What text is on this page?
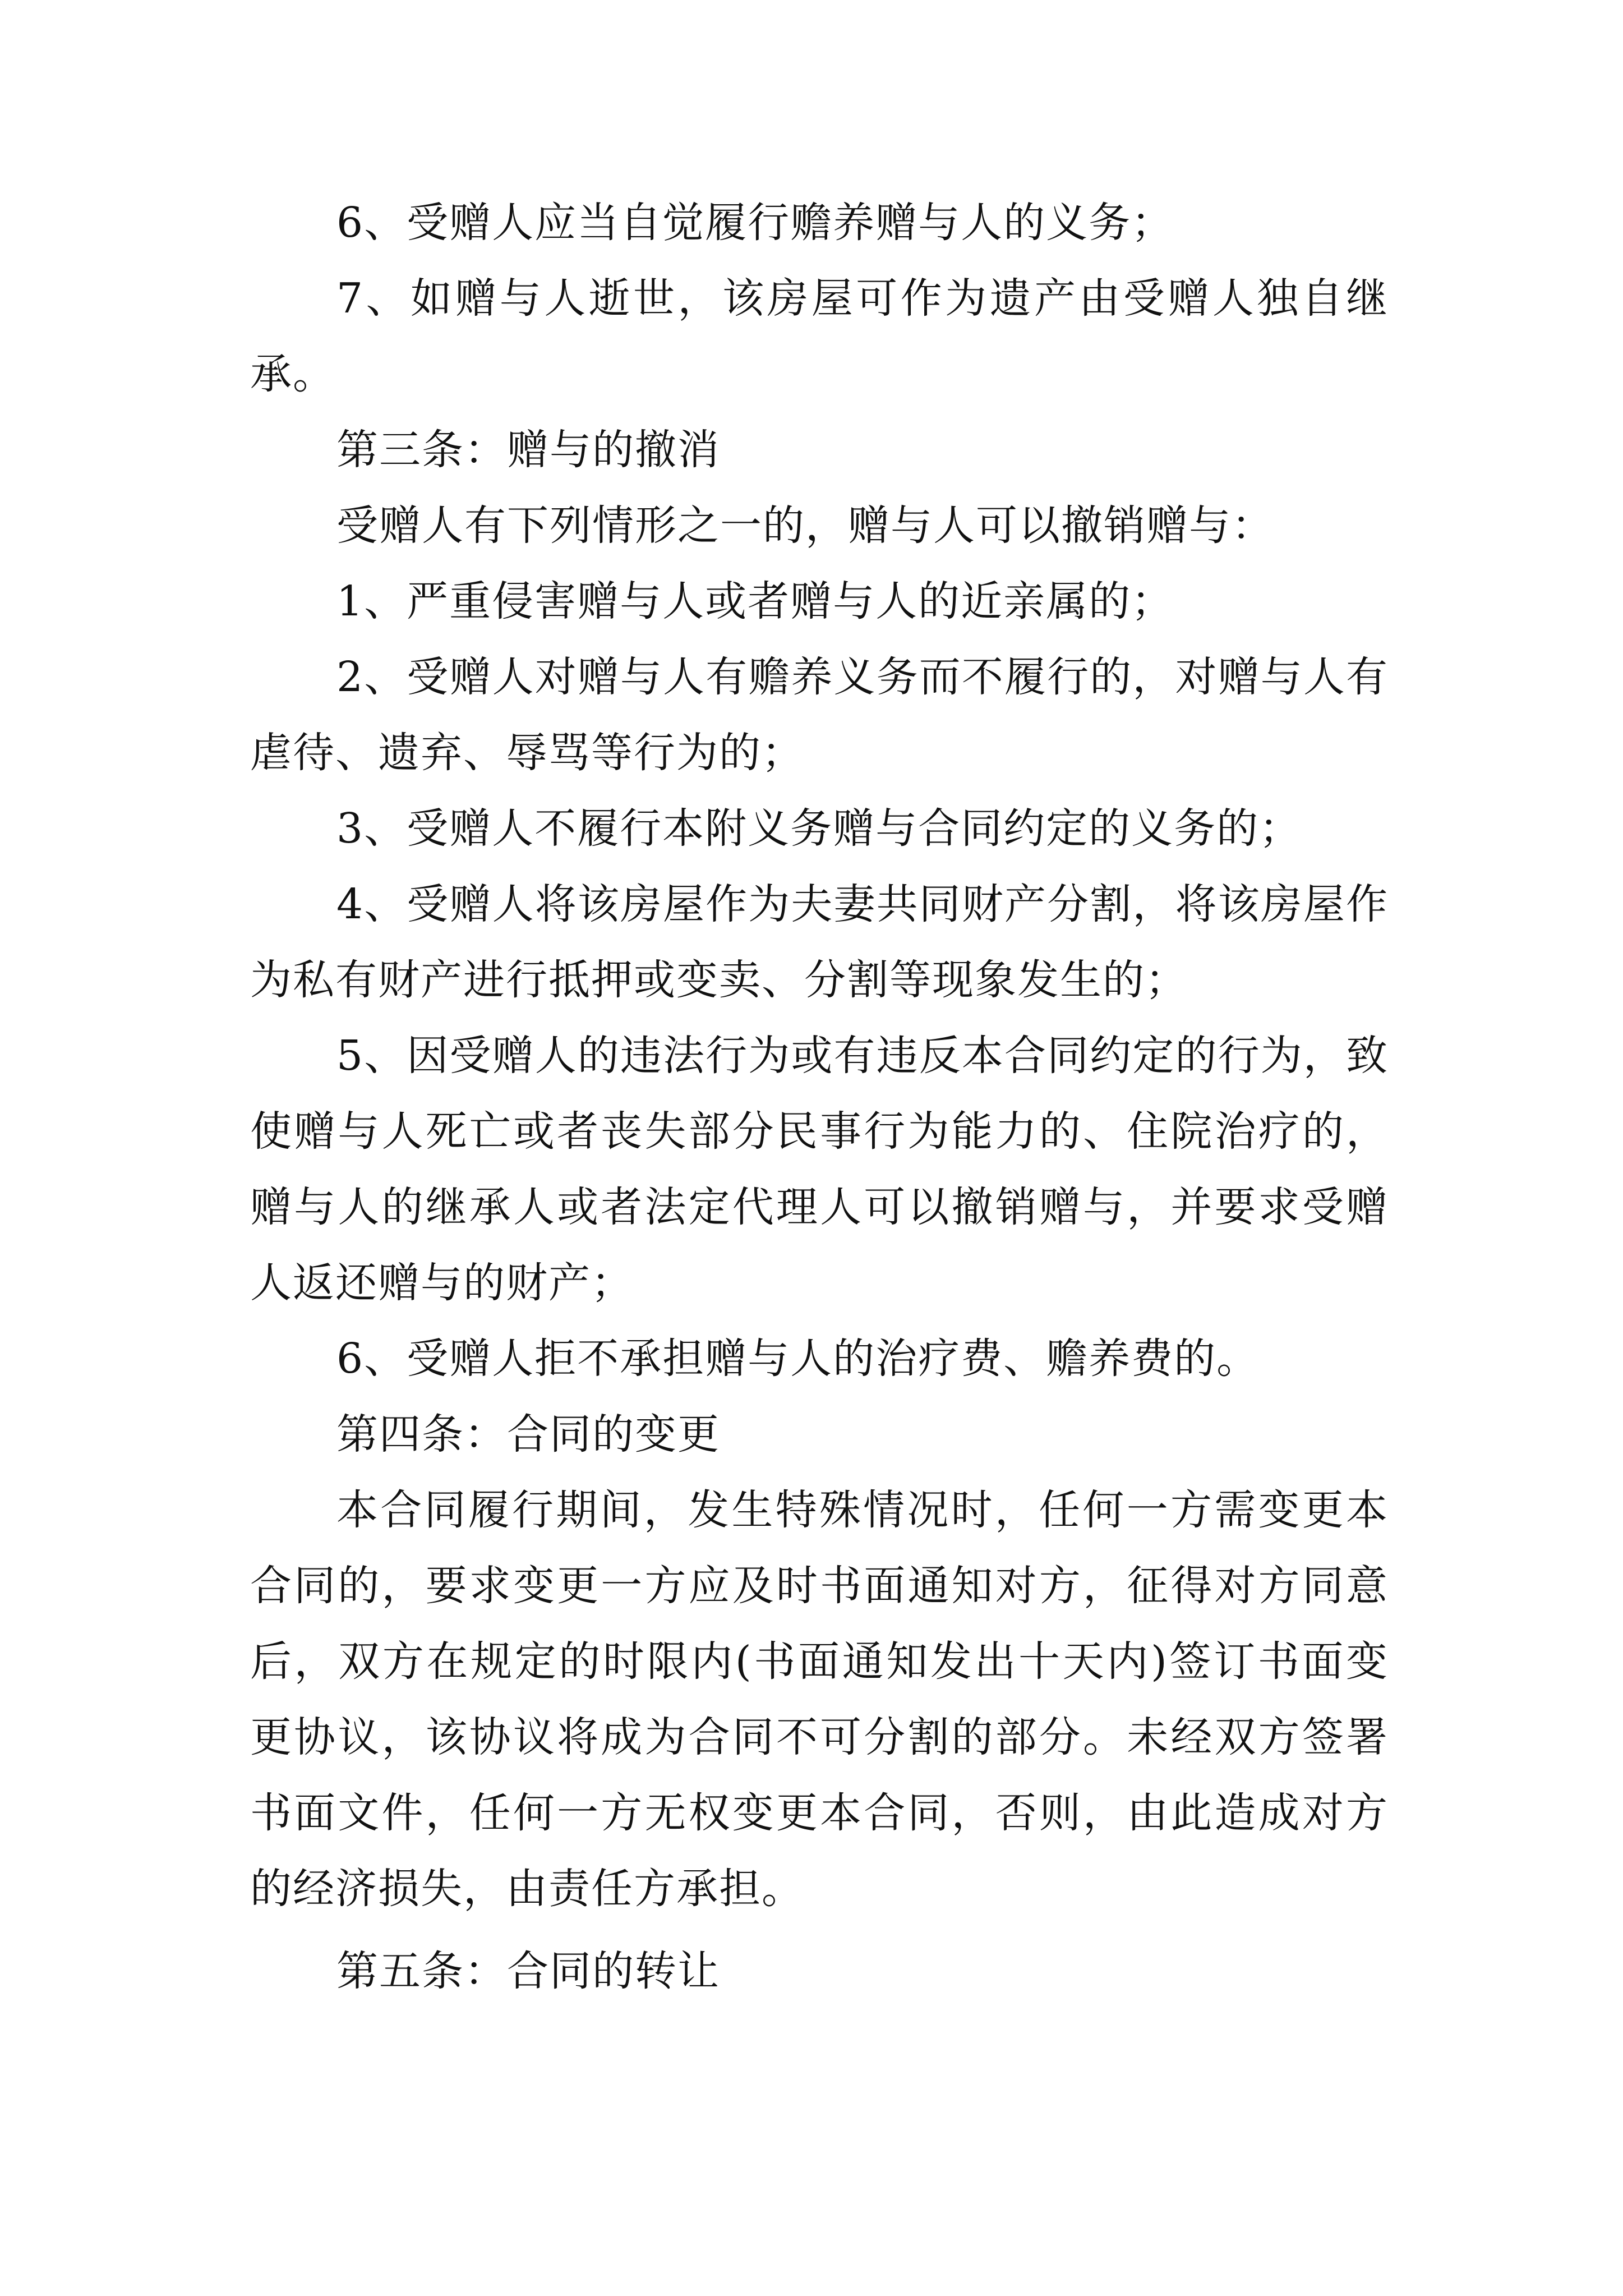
6、受赠人应当自觉履行赡养赠与人的义务；

7、如赠与人逝世，该房屋可作为遗产由受赠人独自继承。

第三条：赠与的撤消

受赠人有下列情形之一的，赠与人可以撤销赠与：

1、严重侵害赠与人或者赠与人的近亲属的；

2、受赠人对赠与人有赡养义务而不履行的，对赠与人有虐待、遗弃、辱骂等行为的；

3、受赠人不履行本附义务赠与合同约定的义务的；

4、受赠人将该房屋作为夫妻共同财产分割，将该房屋作为私有财产进行抵押或变卖、分割等现象发生的；

5、因受赠人的违法行为或有违反本合同约定的行为，致使赠与人死亡或者丧失部分民事行为能力的、住院治疗的，赠与人的继承人或者法定代理人可以撤销赠与，并要求受赠人返还赠与的财产；

6、受赠人拒不承担赠与人的治疗费、赡养费的。

第四条：合同的变更

本合同履行期间，发生特殊情况时，任何一方需变更本合同的，要求变更一方应及时书面通知对方，征得对方同意后，双方在规定的时限内(书面通知发出十天内)签订书面变更协议，该协议将成为合同不可分割的部分。未经双方签署书面文件，任何一方无权变更本合同，否则，由此造成对方的经济损失，由责任方承担。

第五条：合同的转让
